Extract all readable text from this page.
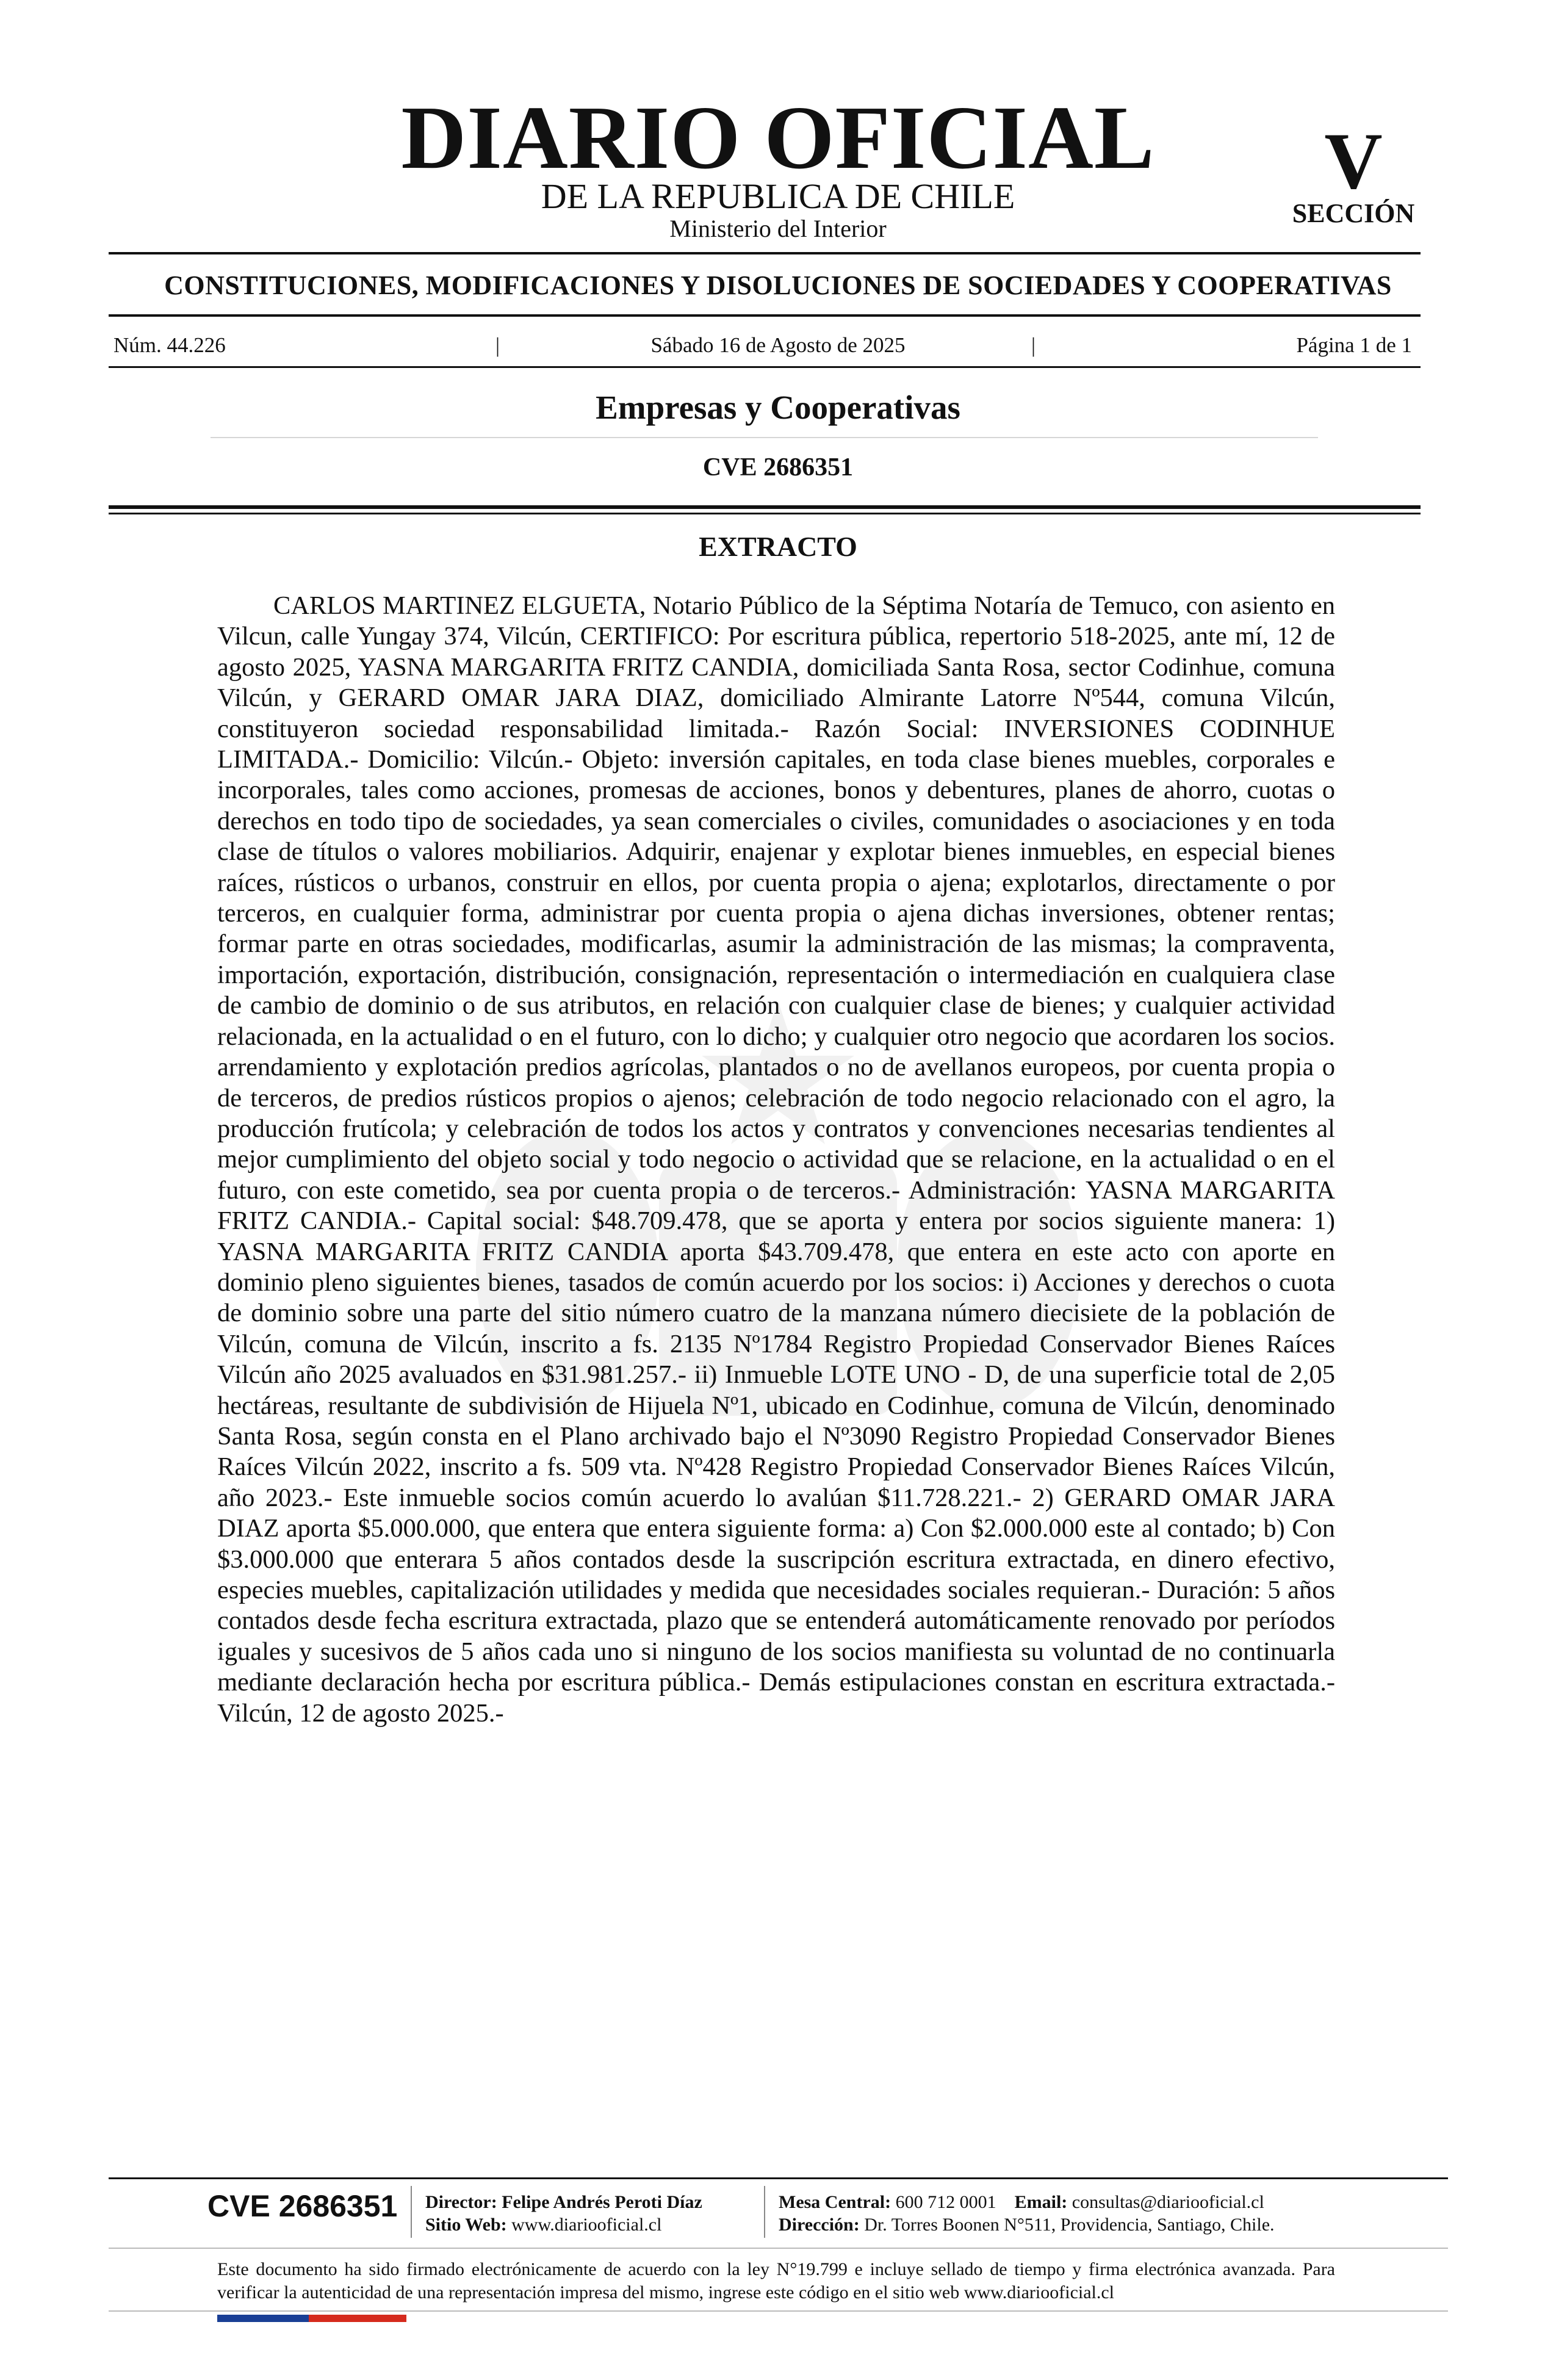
DIARIO OFICIAL
DE LA REPUBLICA DE CHILE
Ministerio del Interior
V
SECCIÓN
CONSTITUCIONES, MODIFICACIONES Y DISOLUCIONES DE SOCIEDADES Y COOPERATIVAS
Núm. 44.226	|	Sábado 16 de Agosto de 2025	|	Página 1 de 1
Empresas y Cooperativas
CVE 2686351
EXTRACTO

CARLOS MARTINEZ ELGUETA, Notario Público de la Séptima Notaría de Temuco, con asiento en Vilcun, calle Yungay 374, Vilcún, CERTIFICO: Por escritura pública, repertorio 518-2025, ante mí, 12 de agosto 2025, YASNA MARGARITA FRITZ CANDIA, domiciliada Santa Rosa, sector Codinhue, comuna Vilcún, y GERARD OMAR JARA DIAZ, domiciliado Almirante Latorre Nº544, comuna Vilcún, constituyeron sociedad responsabilidad limitada.- Razón Social: INVERSIONES CODINHUE LIMITADA.- Domicilio: Vilcún.- Objeto: inversión capitales, en toda clase bienes muebles, corporales e incorporales, tales como acciones, promesas de acciones, bonos y debentures, planes de ahorro, cuotas o derechos en todo tipo de sociedades, ya sean comerciales o civiles, comunidades o asociaciones y en toda clase de títulos o valores mobiliarios. Adquirir, enajenar y explotar bienes inmuebles, en especial bienes raíces, rústicos o urbanos, construir en ellos, por cuenta propia o ajena; explotarlos, directamente o por terceros, en cualquier forma, administrar por cuenta propia o ajena dichas inversiones, obtener rentas; formar parte en otras sociedades, modificarlas, asumir la administración de las mismas; la compraventa, importación, exportación, distribución, consignación, representación o intermediación en cualquiera clase de cambio de dominio o de sus atributos, en relación con cualquier clase de bienes; y cualquier actividad relacionada, en la actualidad o en el futuro, con lo dicho; y cualquier otro negocio que acordaren los socios. arrendamiento y explotación predios agrícolas, plantados o no de avellanos europeos, por cuenta propia o de terceros, de predios rústicos propios o ajenos; celebración de todo negocio relacionado con el agro, la producción frutícola; y celebración de todos los actos y contratos y convenciones necesarias tendientes al mejor cumplimiento del objeto social y todo negocio o actividad que se relacione, en la actualidad o en el futuro, con este cometido, sea por cuenta propia o de terceros.- Administración: YASNA MARGARITA FRITZ CANDIA.- Capital social: $48.709.478, que se aporta y entera por socios siguiente manera: 1) YASNA MARGARITA FRITZ CANDIA aporta $43.709.478, que entera en este acto con aporte en dominio pleno siguientes bienes, tasados de común acuerdo por los socios: i) Acciones y derechos o cuota de dominio sobre una parte del sitio número cuatro de la manzana número diecisiete de la población de Vilcún, comuna de Vilcún, inscrito a fs. 2135 Nº1784 Registro Propiedad Conservador Bienes Raíces Vilcún año 2025 avaluados en $31.981.257.- ii) Inmueble LOTE UNO - D, de una superficie total de 2,05 hectáreas, resultante de subdivisión de Hijuela Nº1, ubicado en Codinhue, comuna de Vilcún, denominado Santa Rosa, según consta en el Plano archivado bajo el Nº3090 Registro Propiedad Conservador Bienes Raíces Vilcún 2022, inscrito a fs. 509 vta. Nº428 Registro Propiedad Conservador Bienes Raíces Vilcún, año 2023.- Este inmueble socios común acuerdo lo avalúan $11.728.221.- 2) GERARD OMAR JARA DIAZ aporta $5.000.000, que entera que entera siguiente forma: a) Con $2.000.000 este al contado; b) Con $3.000.000 que enterara 5 años contados desde la suscripción escritura extractada, en dinero efectivo, especies muebles, capitalización utilidades y medida que necesidades sociales requieran.- Duración: 5 años contados desde fecha escritura extractada, plazo que se entenderá automáticamente renovado por períodos iguales y sucesivos de 5 años cada uno si ninguno de los socios manifiesta su voluntad de no continuarla mediante declaración hecha por escritura pública.- Demás estipulaciones constan en escritura extractada.- Vilcún, 12 de agosto 2025.-

CVE 2686351 Director: Felipe Andrés Peroti Díaz
Sitio Web: www.diariooficial.cl
Mesa Central: 600 712 0001 Email: consultas@diariooficial.cl
Dirección: Dr. Torres Boonen N°511, Providencia, Santiago, Chile.

Este documento ha sido firmado electrónicamente de acuerdo con la ley N°19.799 e incluye sellado de tiempo y firma electrónica avanzada. Para verificar la autenticidad de una representación impresa del mismo, ingrese este código en el sitio web www.diariooficial.cl
